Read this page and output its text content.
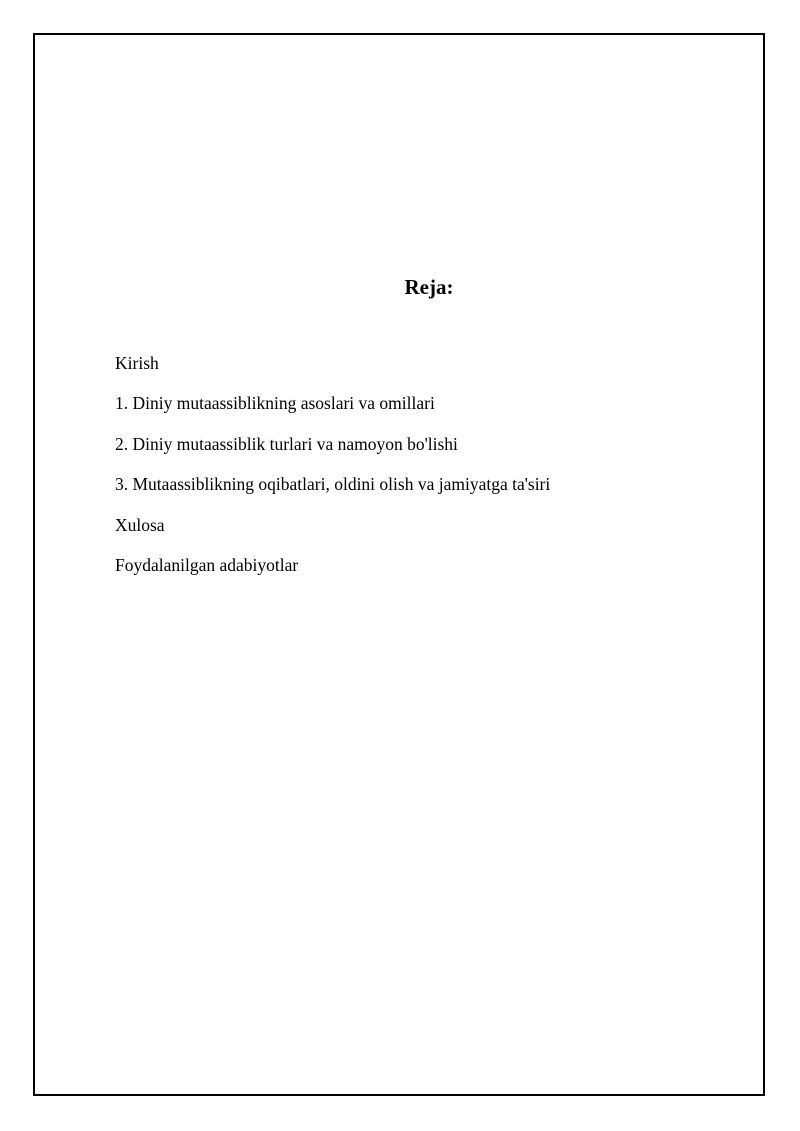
Reja:
Kirish
1. Diniy mutaassiblikning asoslari va omillari
2. Diniy mutaassiblik turlari va namoyon bo'lishi
3. Mutaassiblikning oqibatlari, oldini olish va jamiyatga ta'siri
Xulosa
Foydalanilgan adabiyotlar
